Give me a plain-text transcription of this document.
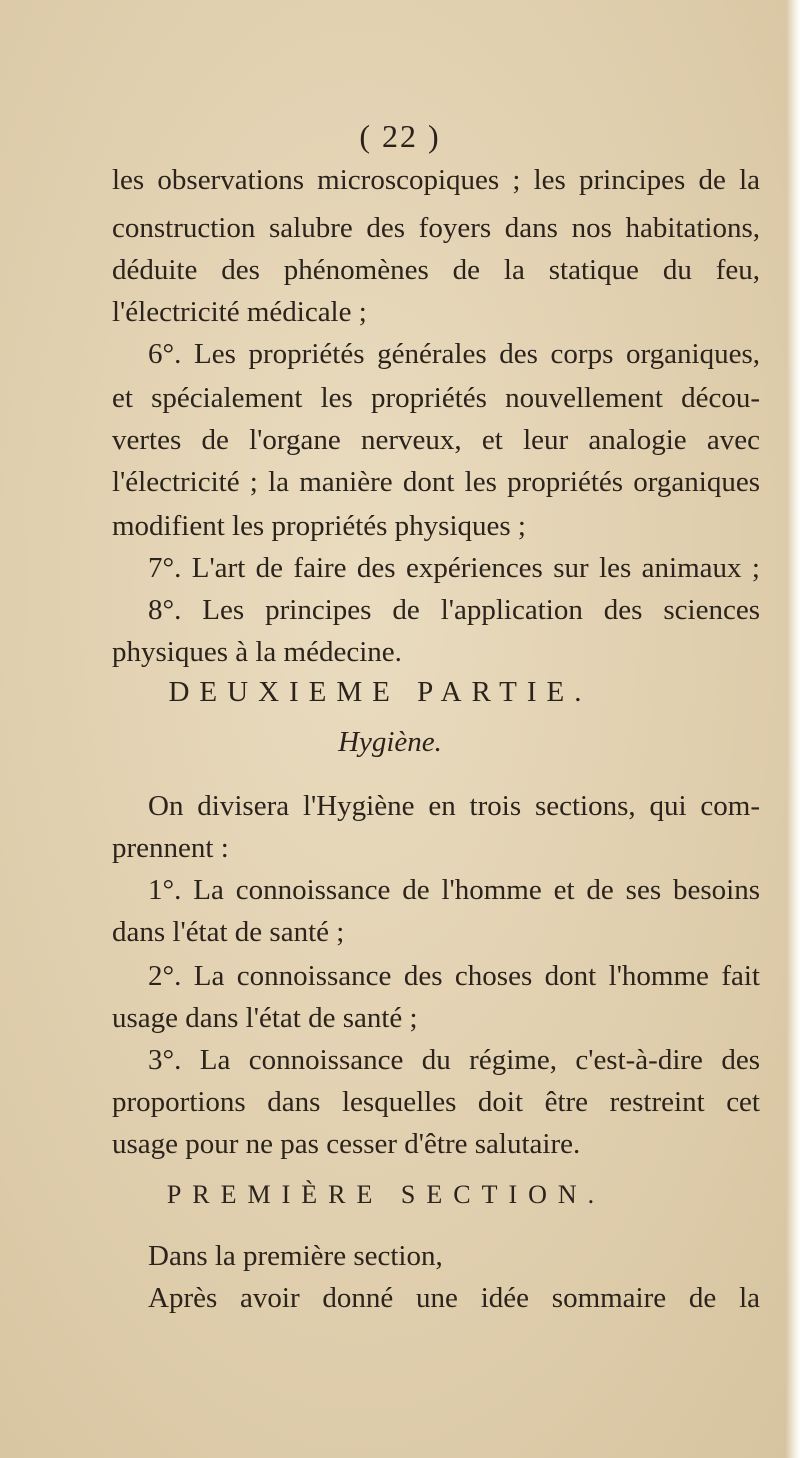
( 22 )
les observations microscopiques ; les principes de la
construction salubre des foyers dans nos habitations,
déduite des phénomènes de la statique du feu,
l'électricité médicale ;
6°. Les propriétés générales des corps organiques,
et spécialement les propriétés nouvellement décou-
vertes de l'organe nerveux, et leur analogie avec
l'électricité ; la manière dont les propriétés organiques
modifient les propriétés physiques ;
7°. L'art de faire des expériences sur les animaux ;
8°. Les principes de l'application des sciences
physiques à la médecine.
DEUXIEME PARTIE.
Hygiène.
On divisera l'Hygiène en trois sections, qui com-
prennent :
1°. La connoissance de l'homme et de ses besoins
dans l'état de santé ;
2°. La connoissance des choses dont l'homme fait
usage dans l'état de santé ;
3°. La connoissance du régime, c'est-à-dire des
proportions dans lesquelles doit être restreint cet
usage pour ne pas cesser d'être salutaire.
PREMIÈRE SECTION.
Dans la première section,
Après avoir donné une idée sommaire de la
